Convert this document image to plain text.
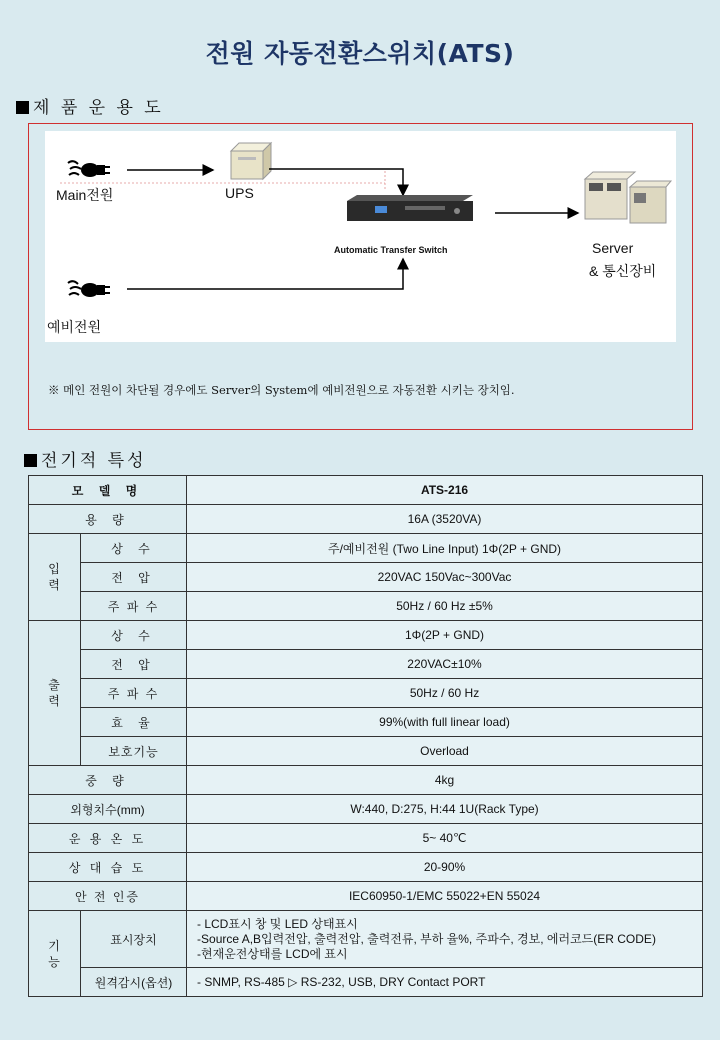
전원 자동전환스위치(ATS)
제 품 운 용 도
Main전원	UPS
Automatic Transfer Switch	Server
& 통신장비
예비전원
※ 메인 전원이 차단될 경우에도 Server의 System에 예비전원으로 자동전환 시키는 장치임.
전기적 특성
모 델 명		ATS-216
용 량		16A (3520VA)
입력	상 수	주/예비전원 (Two Line Input) 1Φ(2P + GND)
	전 압	220VAC 150Vac~300Vac
	주 파 수	50Hz / 60 Hz ±5%
출력	상 수	1Φ(2P + GND)
	전 압	220VAC±10%
	주 파 수	50Hz / 60 Hz
	효 율	99%(with full linear load)
	보호기능	Overload
중 량		4kg
외형치수(mm)		W:440, D:275, H:44 1U(Rack Type)
운 용 온 도		5~ 40℃
상 대 습 도		20-90%
안 전 인증		IEC60950-1/EMC 55022+EN 55024
기능	표시장치	- LCD표시 창 및 LED 상태표시
-Source A,B입력전압, 출력전압, 출력전류, 부하 율%, 주파수, 경보, 에러코드(ER CODE)
-현재운전상태를 LCD에 표시

	원격감시(옵션)	- SNMP, RS-485 ▷ RS-232, USB, DRY Contact PORT
